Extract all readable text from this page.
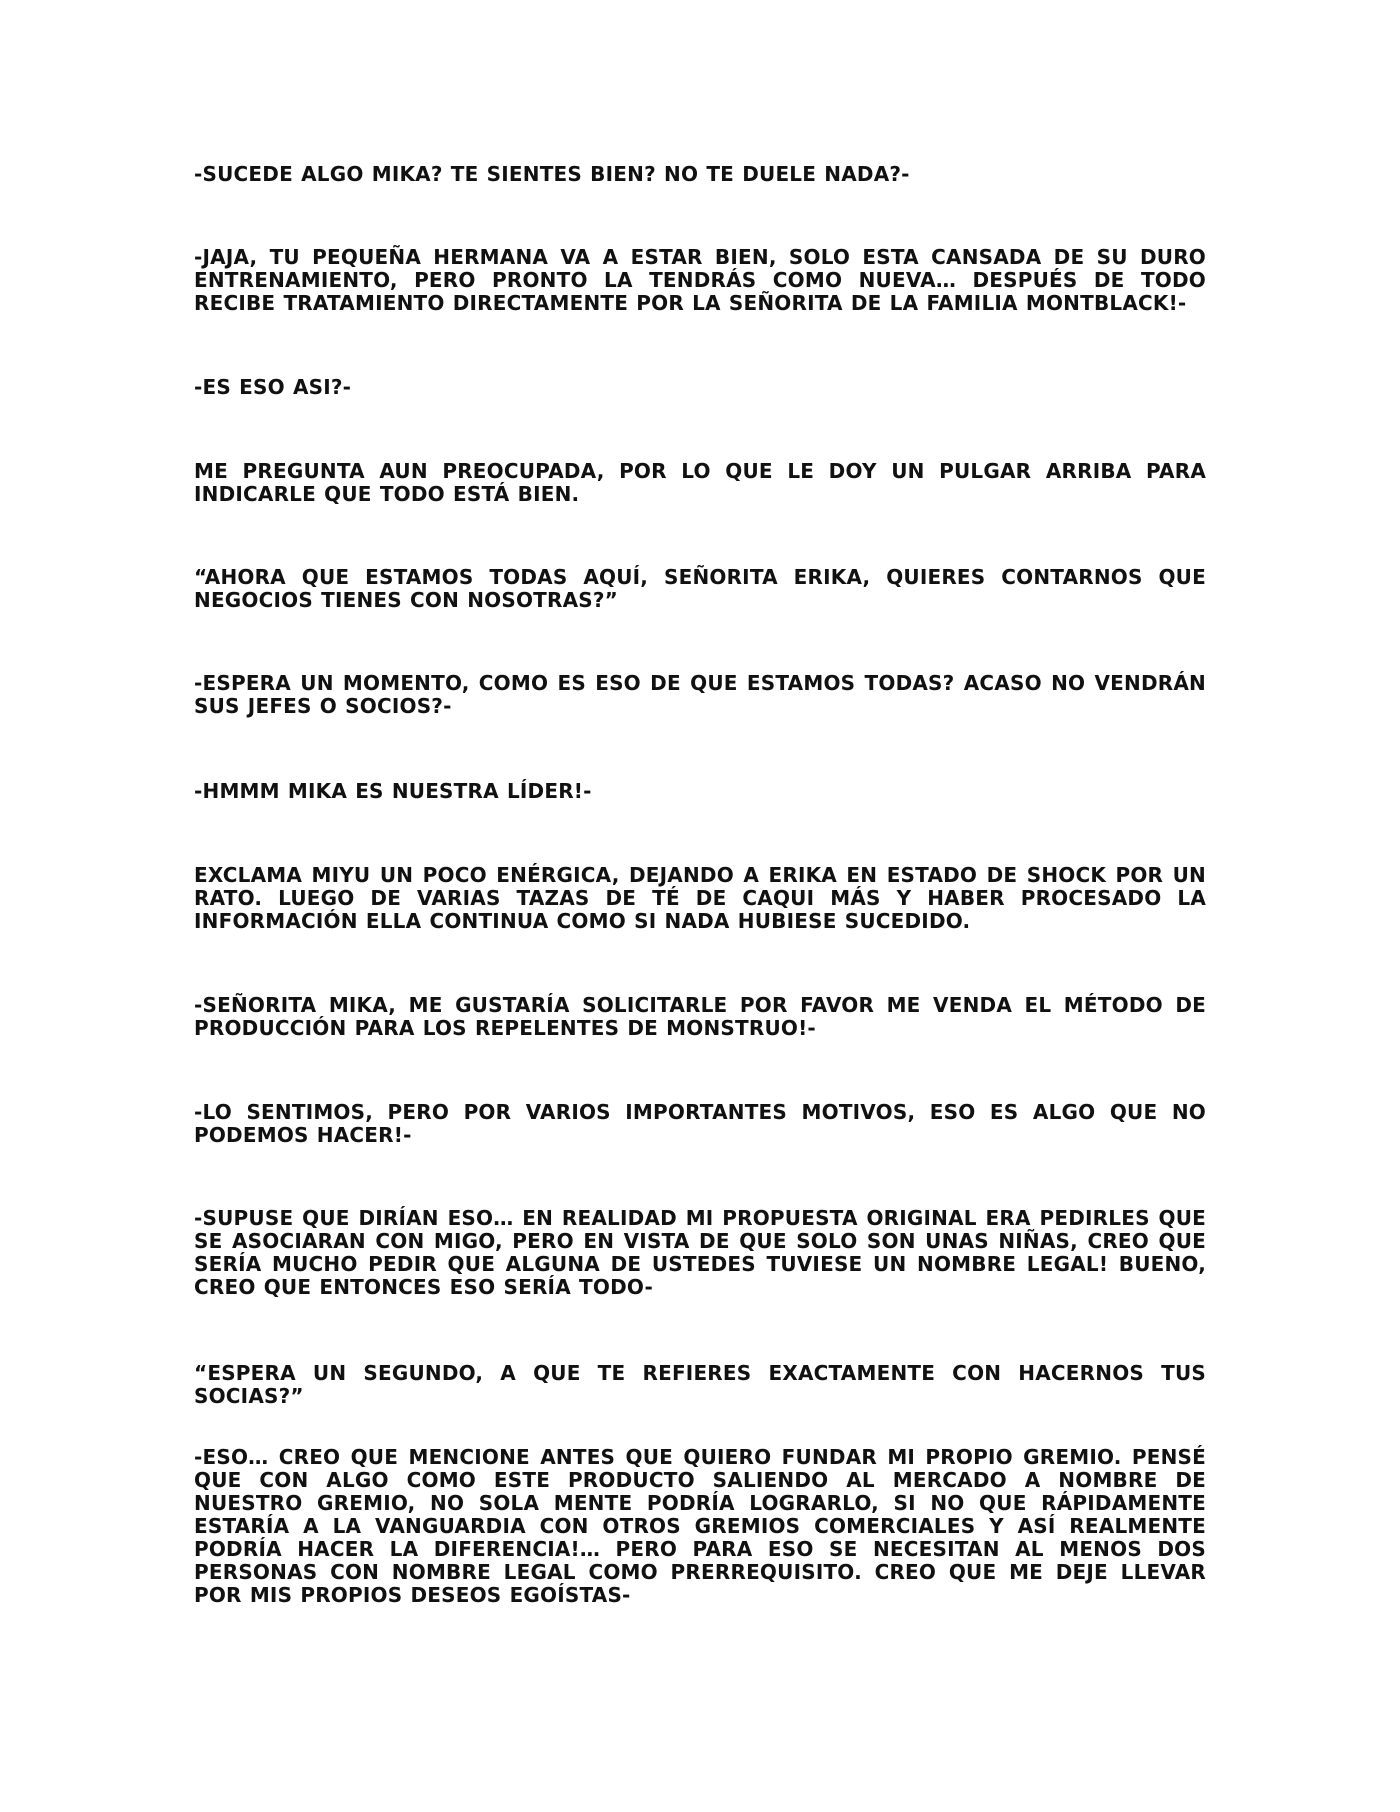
-SUCEDE ALGO MIKA? TE SIENTES BIEN? NO TE DUELE NADA?-

-JAJA, TU PEQUEÑA HERMANA VA A ESTAR BIEN, SOLO ESTA CANSADA DE SU DURO ENTRENAMIENTO, PERO PRONTO LA TENDRÁS COMO NUEVA… DESPUÉS DE TODO RECIBE TRATAMIENTO DIRECTAMENTE POR LA SEÑORITA DE LA FAMILIA MONTBLACK!-

-ES ESO ASI?-

ME PREGUNTA AUN PREOCUPADA, POR LO QUE LE DOY UN PULGAR ARRIBA PARA INDICARLE QUE TODO ESTÁ BIEN.

“AHORA QUE ESTAMOS TODAS AQUÍ, SEÑORITA ERIKA, QUIERES CONTARNOS QUE NEGOCIOS TIENES CON NOSOTRAS?”

-ESPERA UN MOMENTO, COMO ES ESO DE QUE ESTAMOS TODAS? ACASO NO VENDRÁN SUS JEFES O SOCIOS?-

-HMMM MIKA ES NUESTRA LÍDER!-

EXCLAMA MIYU UN POCO ENÉRGICA, DEJANDO A ERIKA EN ESTADO DE SHOCK POR UN RATO. LUEGO DE VARIAS TAZAS DE TÉ DE CAQUI MÁS Y HABER PROCESADO LA INFORMACIÓN ELLA CONTINUA COMO SI NADA HUBIESE SUCEDIDO.

-SEÑORITA MIKA, ME GUSTARÍA SOLICITARLE POR FAVOR ME VENDA EL MÉTODO DE PRODUCCIÓN PARA LOS REPELENTES DE MONSTRUO!-

-LO SENTIMOS, PERO POR VARIOS IMPORTANTES MOTIVOS, ESO ES ALGO QUE NO PODEMOS HACER!-

-SUPUSE QUE DIRÍAN ESO… EN REALIDAD MI PROPUESTA ORIGINAL ERA PEDIRLES QUE SE ASOCIARAN CON MIGO, PERO EN VISTA DE QUE SOLO SON UNAS NIÑAS, CREO QUE SERÍA MUCHO PEDIR QUE ALGUNA DE USTEDES TUVIESE UN NOMBRE LEGAL! BUENO, CREO QUE ENTONCES ESO SERÍA TODO-

“ESPERA UN SEGUNDO, A QUE TE REFIERES EXACTAMENTE CON HACERNOS TUS SOCIAS?”

-ESO… CREO QUE MENCIONE ANTES QUE QUIERO FUNDAR MI PROPIO GREMIO. PENSÉ QUE CON ALGO COMO ESTE PRODUCTO SALIENDO AL MERCADO A NOMBRE DE NUESTRO GREMIO, NO SOLA MENTE PODRÍA LOGRARLO, SI NO QUE RÁPIDAMENTE ESTARÍA A LA VANGUARDIA CON OTROS GREMIOS COMERCIALES Y ASÍ REALMENTE PODRÍA HACER LA DIFERENCIA!… PERO PARA ESO SE NECESITAN AL MENOS DOS PERSONAS CON NOMBRE LEGAL COMO PRERREQUISITO. CREO QUE ME DEJE LLEVAR POR MIS PROPIOS DESEOS EGOÍSTAS-
